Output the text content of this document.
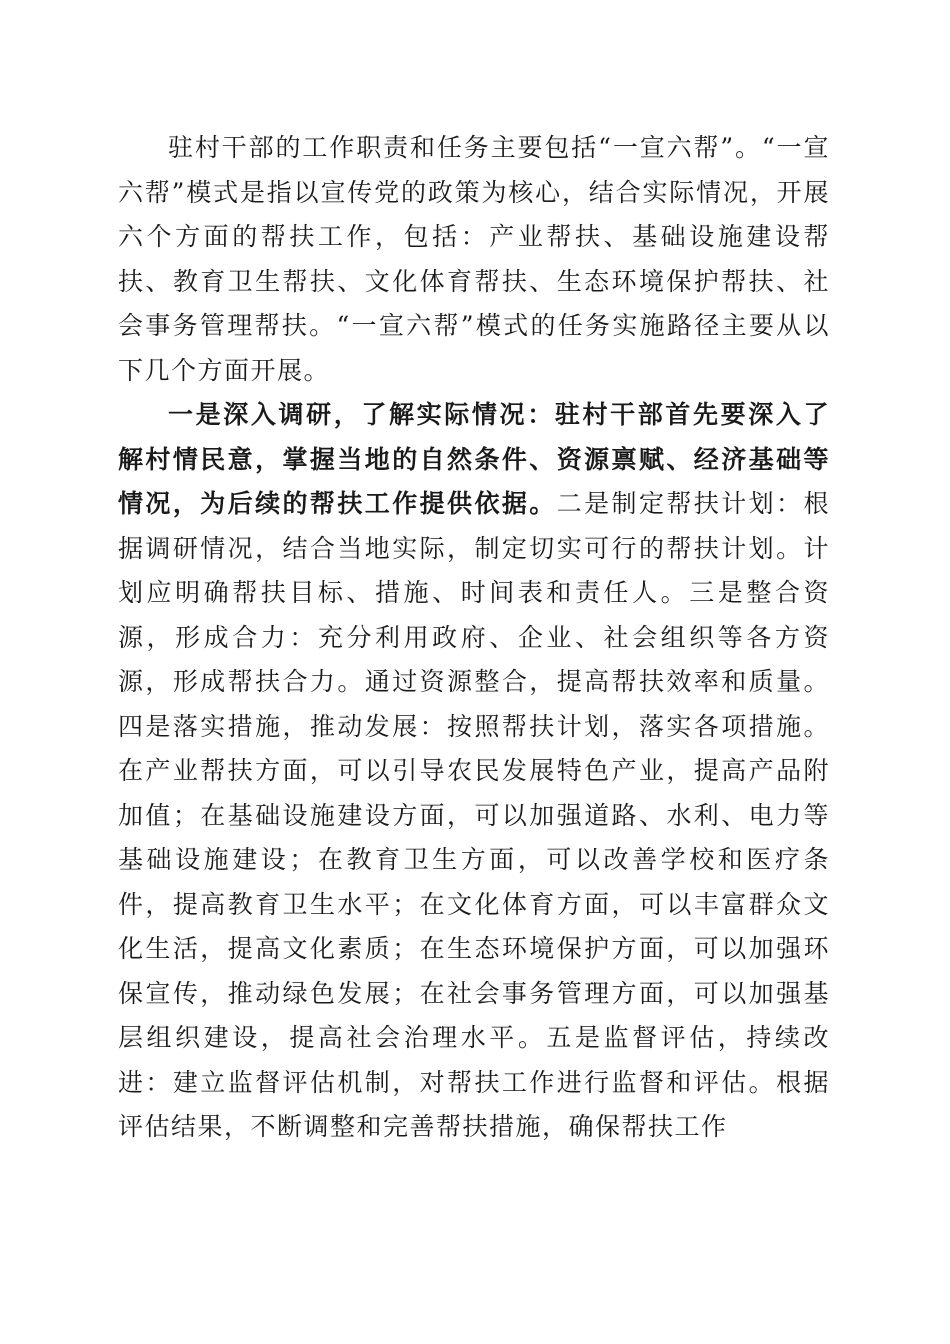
驻村干部的工作职责和任务主要包括“一宣六帮”。“一宣六帮”模式是指以宣传党的政策为核心，结合实际情况，开展六个方面的帮扶工作，包括：产业帮扶、基础设施建设帮扶、教育卫生帮扶、文化体育帮扶、生态环境保护帮扶、社会事务管理帮扶。“一宣六帮”模式的任务实施路径主要从以下几个方面开展。

一是深入调研，了解实际情况：驻村干部首先要深入了解村情民意，掌握当地的自然条件、资源禀赋、经济基础等情况，为后续的帮扶工作提供依据。二是制定帮扶计划：根据调研情况，结合当地实际，制定切实可行的帮扶计划。计划应明确帮扶目标、措施、时间表和责任人。三是整合资源，形成合力：充分利用政府、企业、社会组织等各方资源，形成帮扶合力。通过资源整合，提高帮扶效率和质量。四是落实措施，推动发展：按照帮扶计划，落实各项措施。在产业帮扶方面，可以引导农民发展特色产业，提高产品附加值；在基础设施建设方面，可以加强道路、水利、电力等基础设施建设；在教育卫生方面，可以改善学校和医疗条件，提高教育卫生水平；在文化体育方面，可以丰富群众文化生活，提高文化素质；在生态环境保护方面，可以加强环保宣传，推动绿色发展；在社会事务管理方面，可以加强基层组织建设，提高社会治理水平。五是监督评估，持续改进：建立监督评估机制，对帮扶工作进行监督和评估。根据评估结果，不断调整和完善帮扶措施，确保帮扶工作
